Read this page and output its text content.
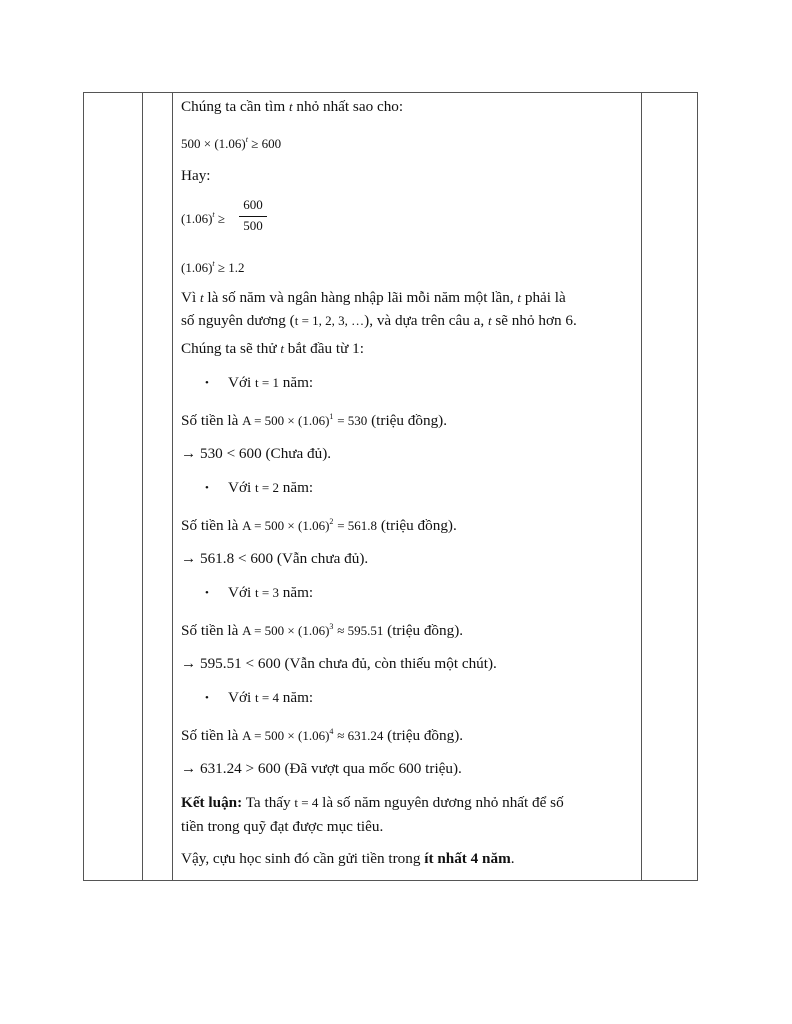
Chúng ta cần tìm t nhỏ nhất sao cho:
$500 \times (1.06)^t \ge 600$
Hay:
$(1.06)^t$ ≥
600
500
$(1.06)^t \ge 1.2$
Vì t là số năm và ngân hàng nhập lãi mỗi năm một lần, t phải là
số nguyên dương (t = 1, 2, 3, …), và dựa trên câu a, t sẽ nhỏ hơn 6.
Chúng ta sẽ thử t bắt đầu từ 1:
• Với t = 1 năm:
Số tiền là $A = 500 \times (1.06)^1 = 530$ (triệu đồng).
→ 530 < 600 (Chưa đủ).
• Với t = 2 năm:
Số tiền là $A = 500 \times (1.06)^2 = 561.8$ (triệu đồng).
→ 561.8 < 600 (Vẫn chưa đủ).
• Với t = 3 năm:
Số tiền là $A = 500 \times (1.06)^3 \approx 595.51$ (triệu đồng).
→ 595.51 < 600 (Vẫn chưa đủ, còn thiếu một chút).
• Với t = 4 năm:
Số tiền là $A = 500 \times (1.06)^4 \approx 631.24$ (triệu đồng).
→ 631.24 > 600 (Đã vượt qua mốc 600 triệu).
Kết luận: Ta thấy t = 4 là số năm nguyên dương nhỏ nhất để số
tiền trong quỹ đạt được mục tiêu.
Vậy, cựu học sinh đó cần gửi tiền trong ít nhất 4 năm.
